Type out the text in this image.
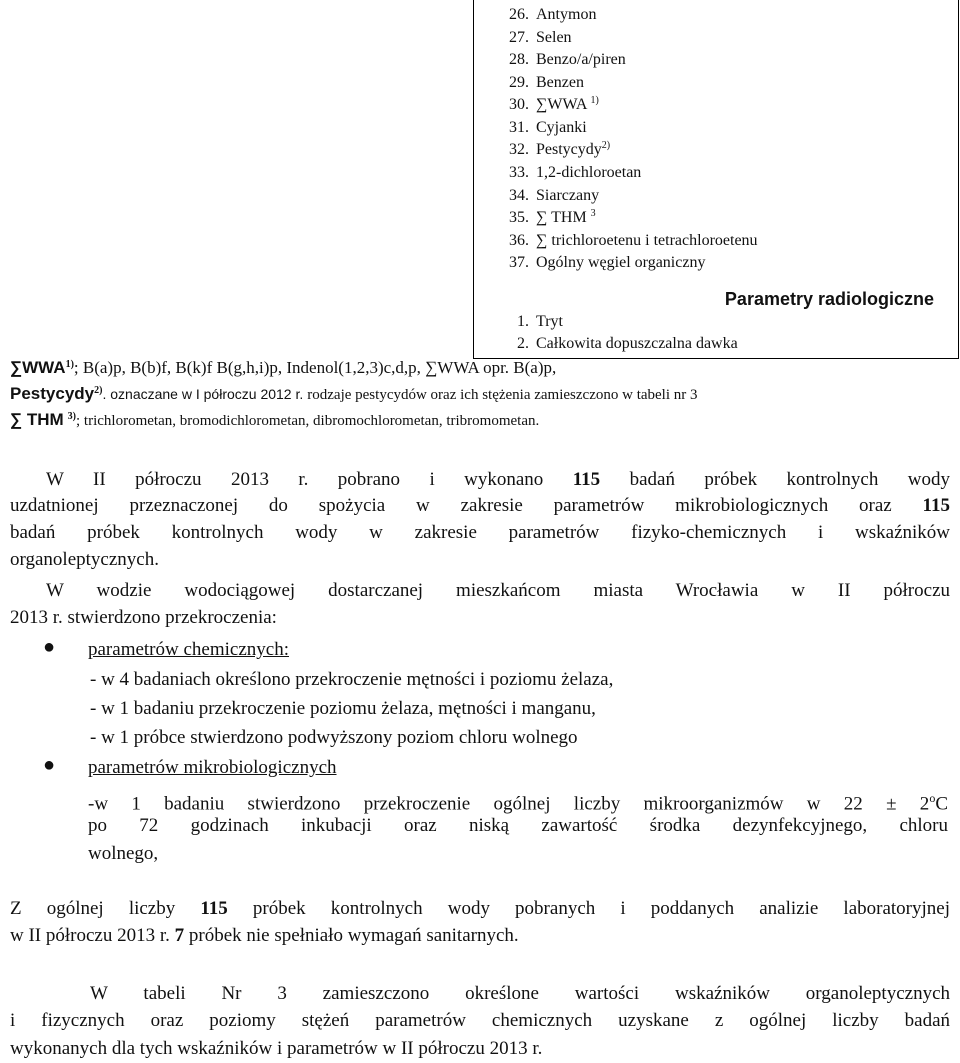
26. Antymon
27. Selen
28. Benzo/a/piren
29. Benzen
30. ∑WWA $^{1)}$
31. Cyjanki
32. Pestycydy$^{2)}$
33. 1,2-dichloroetan
34. Siarczany
35. ∑ THM $^3$
36. ∑ trichloroetenu i tetrachloroetenu
37. Ogólny węgiel organiczny
Parametry radiologiczne
1. Tryt
2. Całkowita dopuszczalna dawka
∑WWA$^{1)}$; B(a)p, B(b)f, B(k)f B(g,h,i)p, Indenol(1,2,3)c,d,p, ∑WWA opr. B(a)p,
Pestycydy$^{2)}$. oznaczane w I półroczu 2012 r. rodzaje pestycydów oraz ich stężenia zamieszczono w tabeli nr 3
∑ THM $^{3)}$; trichlorometan, bromodichlorometan, dibromochlorometan, tribromometan.
W II półroczu 2013 r. pobrano i wykonano 115 badań próbek kontrolnych wody
uzdatnionej przeznaczonej do spożycia w zakresie parametrów mikrobiologicznych oraz 115
badań próbek kontrolnych wody w zakresie parametrów fizyko-chemicznych i wskaźników
organoleptycznych.
W wodzie wodociągowej dostarczanej mieszkańcom miasta Wrocławia w II półroczu
2013 r. stwierdzono przekroczenia:
● parametrów chemicznych:
- w 4 badaniach określono przekroczenie mętności i poziomu żelaza,
- w 1 badaniu przekroczenie poziomu żelaza, mętności i manganu,
- w 1 próbce stwierdzono podwyższony poziom chloru wolnego
● parametrów mikrobiologicznych
-w 1 badaniu stwierdzono przekroczenie ogólnej liczby mikroorganizmów w $22 \pm 2^oC$
po 72 godzinach inkubacji oraz niską zawartość środka dezynfekcyjnego, chloru
wolnego,
Z ogólnej liczby 115 próbek kontrolnych wody pobranych i poddanych analizie laboratoryjnej
w II półroczu 2013 r. 7 próbek nie spełniało wymagań sanitarnych.
W tabeli Nr 3 zamieszczono określone wartości wskaźników organoleptycznych
i fizycznych oraz poziomy stężeń parametrów chemicznych uzyskane z ogólnej liczby badań
wykonanych dla tych wskaźników i parametrów w II półroczu 2013 r.
